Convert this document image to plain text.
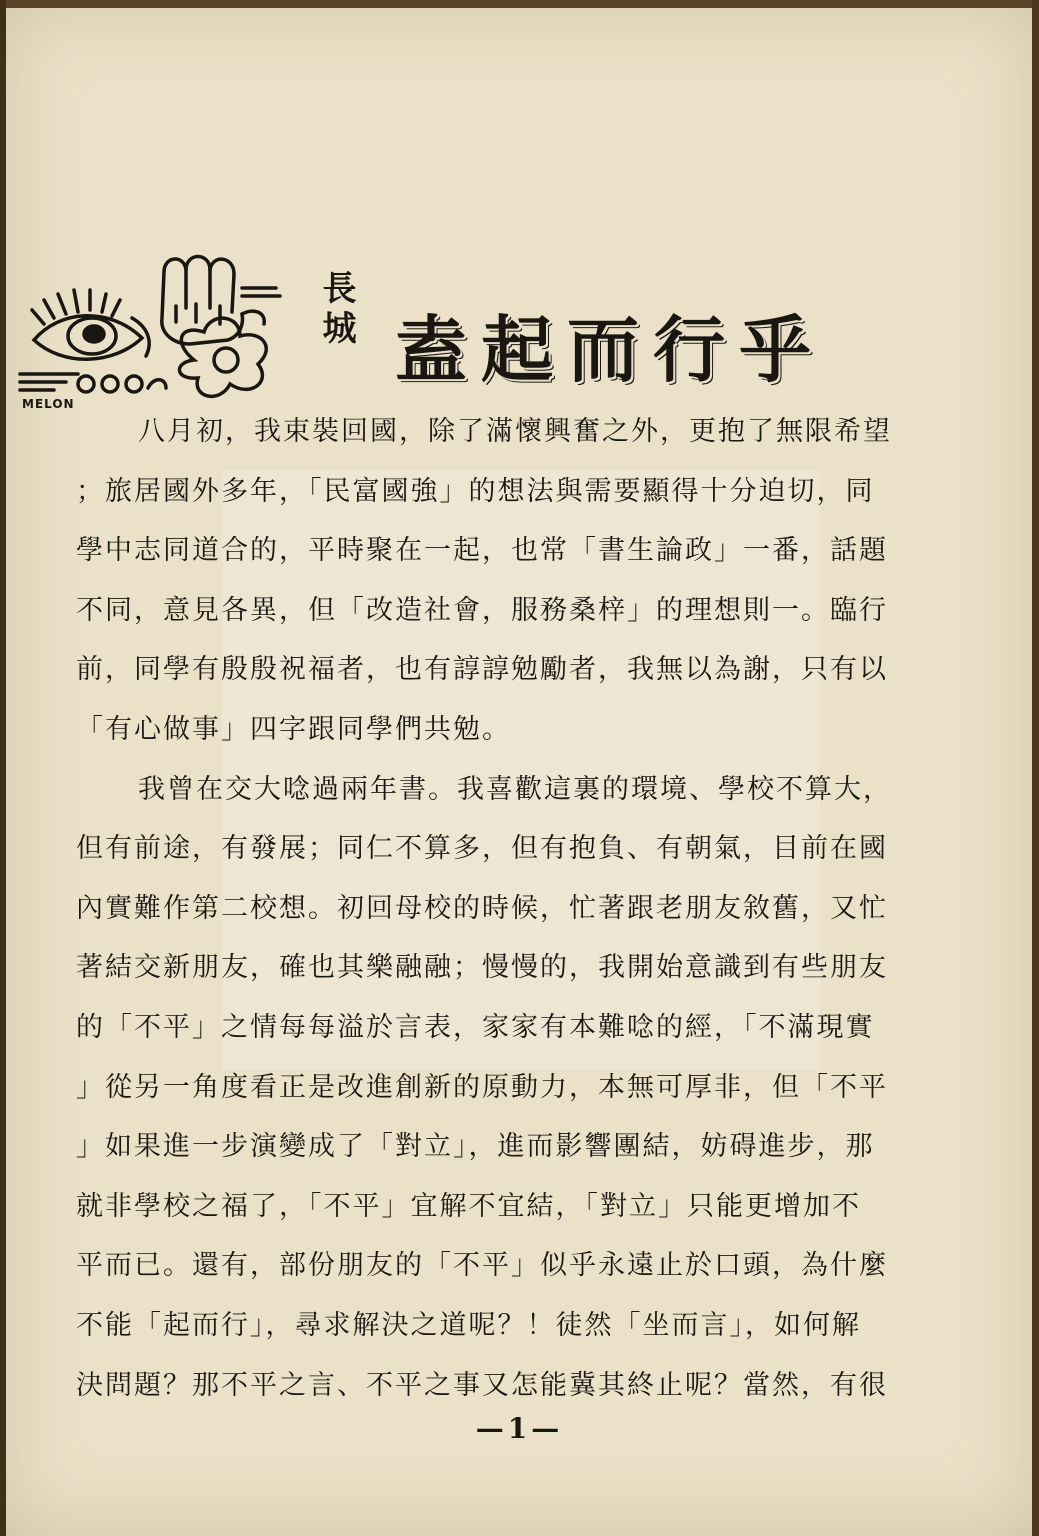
長城 盍起而行乎
MELON
八月初，我束裝回國，除了滿懷興奮之外，更抱了無限希望
；旅居國外多年，「民富國強」的想法與需要顯得十分迫切，同
學中志同道合的，平時聚在一起，也常「書生論政」一番，話題
不同，意見各異，但「改造社會，服務桑梓」的理想則一。臨行
前，同學有殷殷祝福者，也有諄諄勉勵者，我無以為謝，只有以
「有心做事」四字跟同學們共勉。
我曾在交大唸過兩年書。我喜歡這裏的環境、學校不算大，
但有前途，有發展；同仁不算多，但有抱負、有朝氣，目前在國
內實難作第二校想。初回母校的時候，忙著跟老朋友敘舊，又忙
著結交新朋友，確也其樂融融；慢慢的，我開始意識到有些朋友
的「不平」之情每每溢於言表，家家有本難唸的經，「不滿現實
」從另一角度看正是改進創新的原動力，本無可厚非，但「不平
」如果進一步演變成了「對立」，進而影響團結，妨碍進步，那
就非學校之福了，「不平」宜解不宜結，「對立」只能更增加不
平而已。還有，部份朋友的「不平」似乎永遠止於口頭，為什麼
不能「起而行」，尋求解決之道呢？！徒然「坐而言」，如何解
決問題？那不平之言、不平之事又怎能冀其終止呢？當然，有很
—1—
